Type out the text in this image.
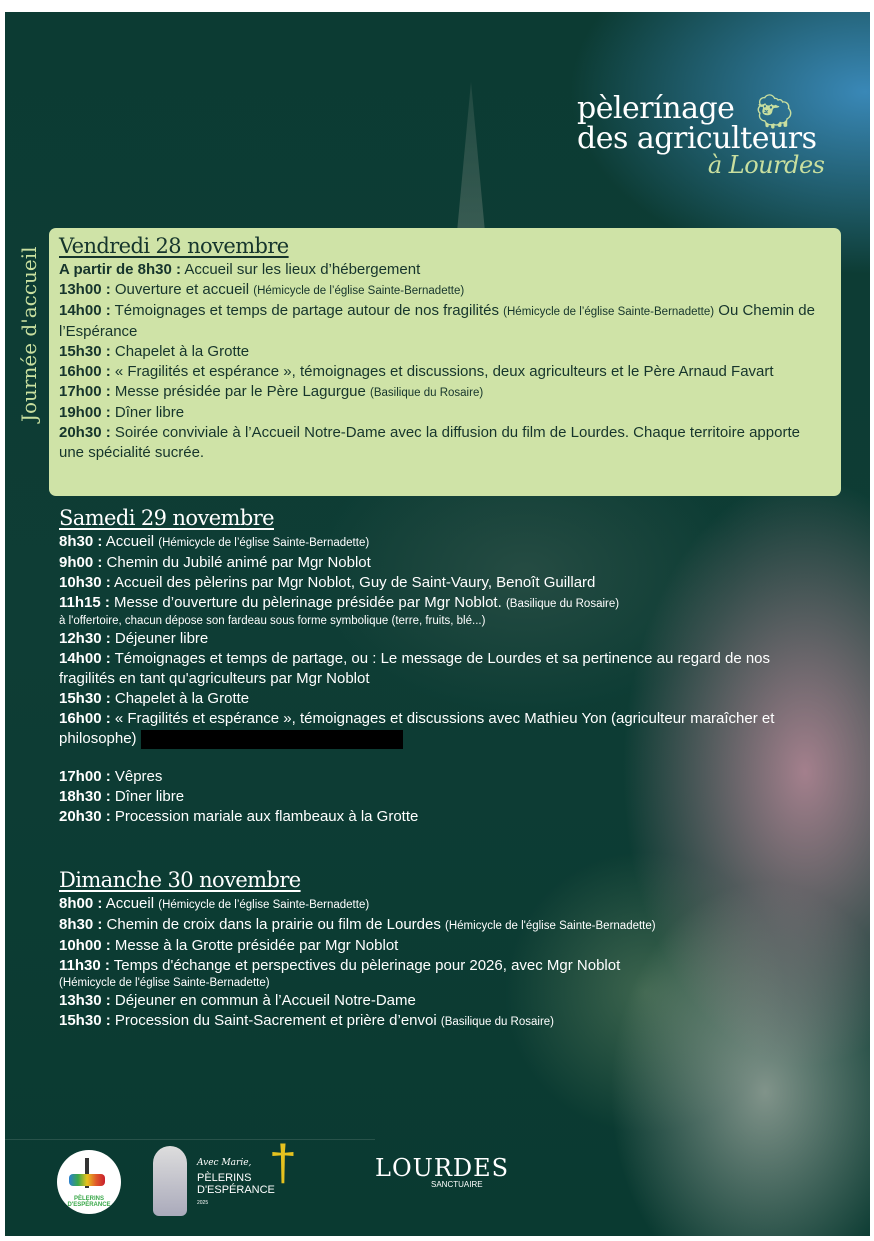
pèlerínage
des agriculteurs
à Lourdes
🐑︎
Vendredi 28 novembre
A partir de 8h30 : Accueil sur les lieux d’hébergement
13h00 : Ouverture et accueil (Hémicycle de l’église Sainte-Bernadette)
14h00 : Témoignages et temps de partage autour de nos fragilités (Hémicycle de l’église Sainte-Bernadette) Ou Chemin de l’Espérance
15h30 : Chapelet à la Grotte
16h00 : « Fragilités et espérance », témoignages et discussions, deux agriculteurs et le Père Arnaud Favart
17h00 : Messe présidée par le Père Lagurgue (Basilique du Rosaire)
19h00 : Dîner libre
20h30 : Soirée conviviale à l’Accueil Notre-Dame avec la diffusion du film de Lourdes. Chaque territoire apporte une spécialité sucrée.
Journée d'accueil
Samedi 29 novembre
8h30 : Accueil (Hémicycle de l’église Sainte-Bernadette)
9h00 : Chemin du Jubilé animé par Mgr Noblot
10h30 : Accueil des pèlerins par Mgr Noblot, Guy de Saint-Vaury, Benoît Guillard
11h15 : Messe d’ouverture du pèlerinage présidée par Mgr Noblot. (Basilique du Rosaire)
à l'offertoire, chacun dépose son fardeau sous forme symbolique (terre, fruits, blé...)
12h30 : Déjeuner libre
14h00 : Témoignages et temps de partage, ou : Le message de Lourdes et sa pertinence au regard de nos fragilités en tant qu'agriculteurs par Mgr Noblot
15h30 : Chapelet à la Grotte
16h00 : « Fragilités et espérance », témoignages et discussions avec Mathieu Yon (agriculteur maraîcher et philosophe)
17h00 : Vêpres
18h30 : Dîner libre
20h30 : Procession mariale aux flambeaux à la Grotte
Dimanche 30 novembre
8h00 : Accueil (Hémicycle de l’église Sainte-Bernadette)
8h30 : Chemin de croix dans la prairie ou film de Lourdes (Hémicycle de l'église Sainte-Bernadette)
10h00 : Messe à la Grotte présidée par Mgr Noblot
11h30 : Temps d'échange et perspectives du pèlerinage pour 2026, avec Mgr Noblot
(Hémicycle de l'église Sainte-Bernadette)
13h30 : Déjeuner en commun à l’Accueil Notre-Dame
15h30 : Procession du Saint-Sacrement et prière d’envoi (Basilique du Rosaire)
PÈLERINS D'ESPÉRANCE
Avec Marie,
PÈLERINS D'ESPÉRANCE
2025
†	LOURDES
SANCTUAIRE
